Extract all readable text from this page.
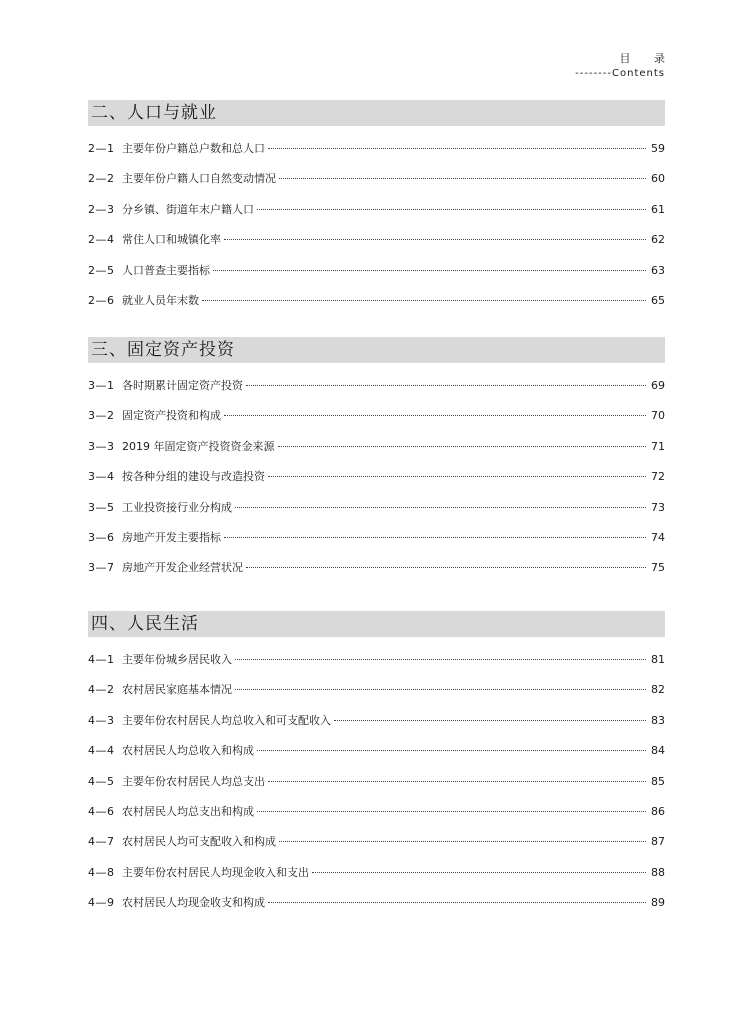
目 录
--------Contents
二、人口与就业
2—1 主要年份户籍总户数和总人口	59
2—2 主要年份户籍人口自然变动情况	60
2—3 分乡镇、街道年末户籍人口	61
2—4 常住人口和城镇化率	62
2—5 人口普查主要指标	63
2—6 就业人员年末数	65
三、固定资产投资
3—1 各时期累计固定资产投资	69
3—2 固定资产投资和构成	70
3—3 2019 年固定资产投资资金来源	71
3—4 按各种分组的建设与改造投资	72
3—5 工业投资接行业分构成	73
3—6 房地产开发主要指标	74
3—7 房地产开发企业经营状况	75
四、人民生活
4—1 主要年份城乡居民收入	81
4—2 农村居民家庭基本情况	82
4—3 主要年份农村居民人均总收入和可支配收入	83
4—4 农村居民人均总收入和构成	84
4—5 主要年份农村居民人均总支出	85
4—6 农村居民人均总支出和构成	86
4—7 农村居民人均可支配收入和构成	87
4—8 主要年份农村居民人均现金收入和支出	88
4—9 农村居民人均现金收支和构成	89
